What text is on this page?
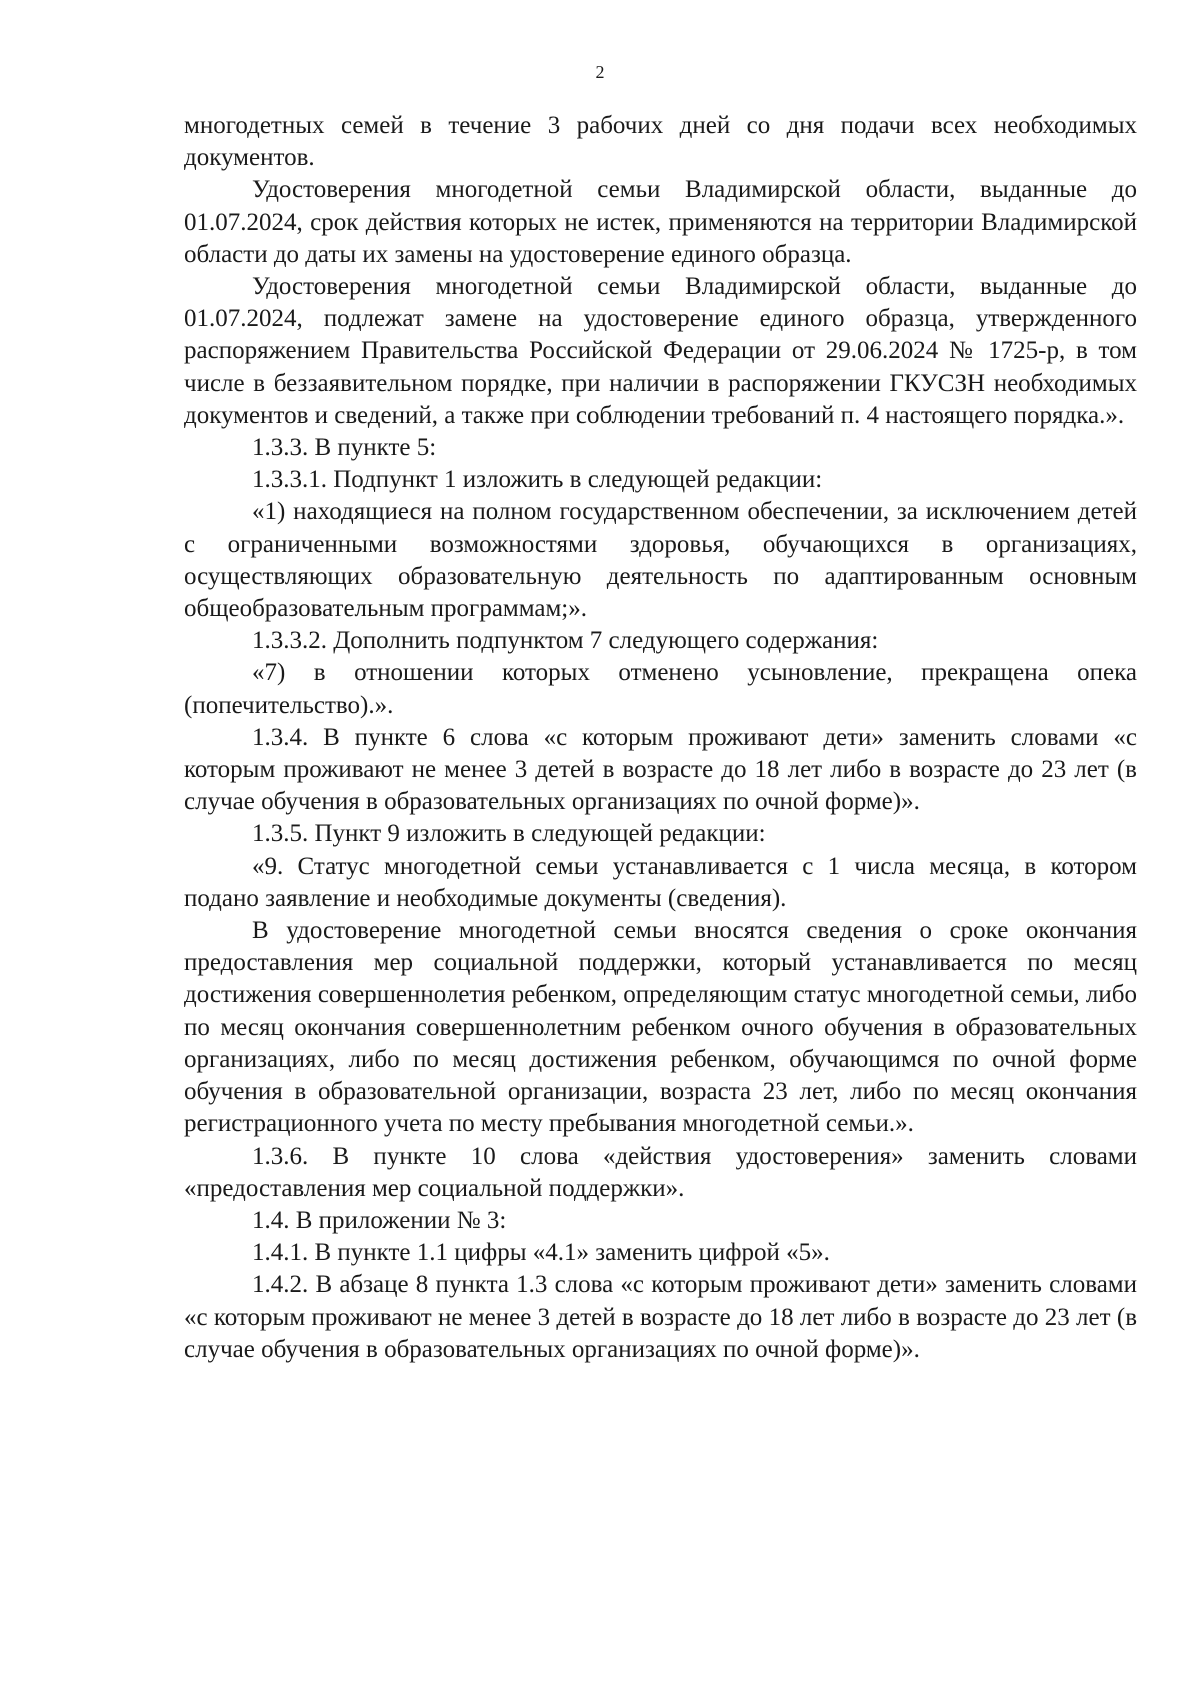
2

многодетных семей в течение 3 рабочих дней со дня подачи всех необходимых документов.

Удостоверения многодетной семьи Владимирской области, выданные до 01.07.2024, срок действия которых не истек, применяются на территории Владимирской области до даты их замены на удостоверение единого образца.

Удостоверения многодетной семьи Владимирской области, выданные до 01.07.2024, подлежат замене на удостоверение единого образца, утвержденного распоряжением Правительства Российской Федерации от 29.06.2024 № 1725-р, в том числе в беззаявительном порядке, при наличии в распоряжении ГКУСЗН необходимых документов и сведений, а также при соблюдении требований п. 4 настоящего порядка.».

1.3.3. В пункте 5:

1.3.3.1. Подпункт 1 изложить в следующей редакции:

«1) находящиеся на полном государственном обеспечении, за исключением детей с ограниченными возможностями здоровья, обучающихся в организациях, осуществляющих образовательную деятельность по адаптированным основным общеобразовательным программам;».

1.3.3.2. Дополнить подпунктом 7 следующего содержания:

«7) в отношении которых отменено усыновление, прекращена опека (попечительство).».

1.3.4. В пункте 6 слова «с которым проживают дети» заменить словами «с которым проживают не менее 3 детей в возрасте до 18 лет либо в возрасте до 23 лет (в случае обучения в образовательных организациях по очной форме)».

1.3.5. Пункт 9 изложить в следующей редакции:

«9. Статус многодетной семьи устанавливается с 1 числа месяца, в котором подано заявление и необходимые документы (сведения).

В удостоверение многодетной семьи вносятся сведения о сроке окончания предоставления мер социальной поддержки, который устанавливается по месяц достижения совершеннолетия ребенком, определяющим статус многодетной семьи, либо по месяц окончания совершеннолетним ребенком очного обучения в образовательных организациях, либо по месяц достижения ребенком, обучающимся по очной форме обучения в образовательной организации, возраста 23 лет, либо по месяц окончания регистрационного учета по месту пребывания многодетной семьи.».

1.3.6. В пункте 10 слова «действия удостоверения» заменить словами «предоставления мер социальной поддержки».

1.4. В приложении № 3:

1.4.1. В пункте 1.1 цифры «4.1» заменить цифрой «5».

1.4.2. В абзаце 8 пункта 1.3 слова «с которым проживают дети» заменить словами «с которым проживают не менее 3 детей в возрасте до 18 лет либо в возрасте до 23 лет (в случае обучения в образовательных организациях по очной форме)».
